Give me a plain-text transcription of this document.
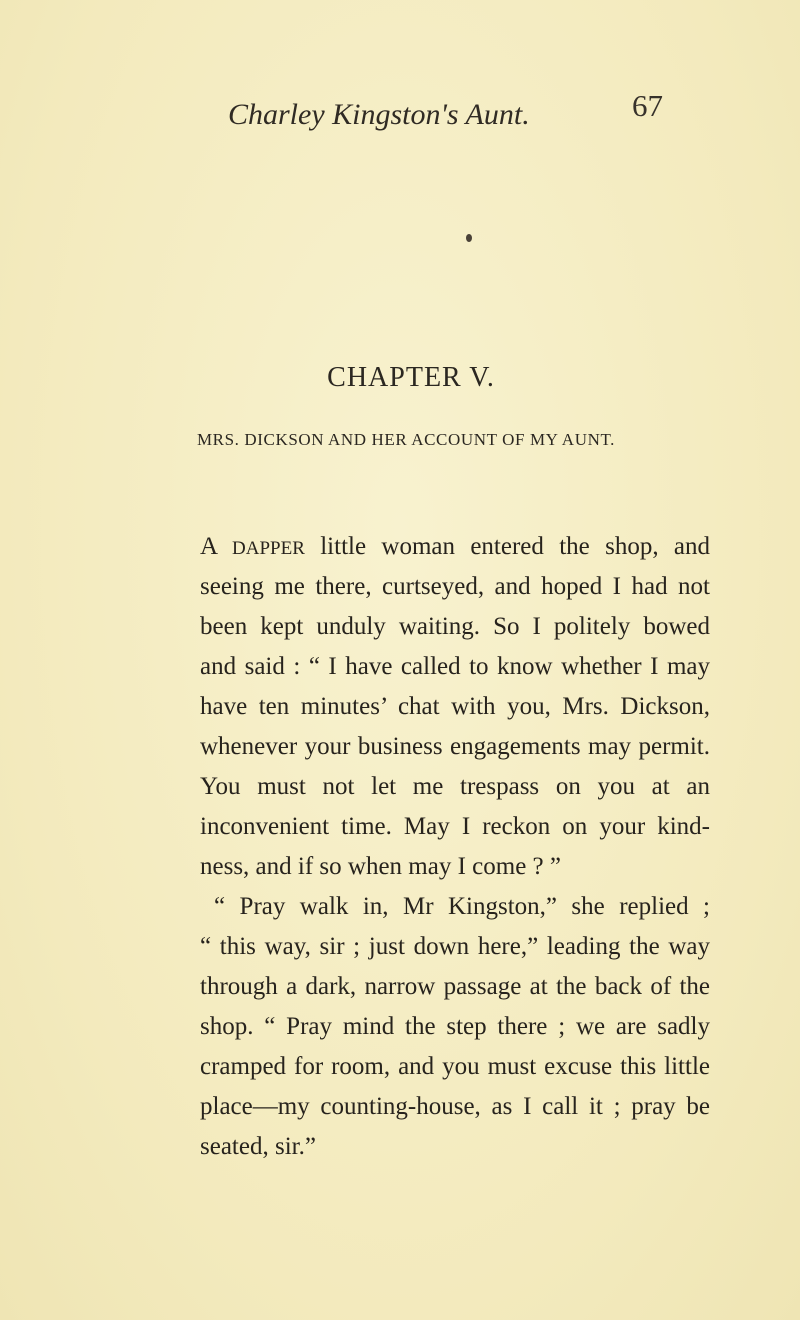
Charley Kingston's Aunt.	67
CHAPTER V.
MRS. DICKSON AND HER ACCOUNT OF MY AUNT.
A DAPPER little woman entered the shop, and
seeing me there, curtseyed, and hoped I had not
been kept unduly waiting. So I politely bowed
and said : “ I have called to know whether I may
have ten minutes’ chat with you, Mrs. Dickson,
whenever your business engagements may permit.
You must not let me trespass on you at an
inconvenient time. May I reckon on your kind-
ness, and if so when may I come ? ”
“ Pray walk in, Mr Kingston,” she replied ;
“ this way, sir ; just down here,” leading the way
through a dark, narrow passage at the back of the
shop. “ Pray mind the step there ; we are sadly
cramped for room, and you must excuse this little
place—my counting-house, as I call it ; pray be
seated, sir.”
